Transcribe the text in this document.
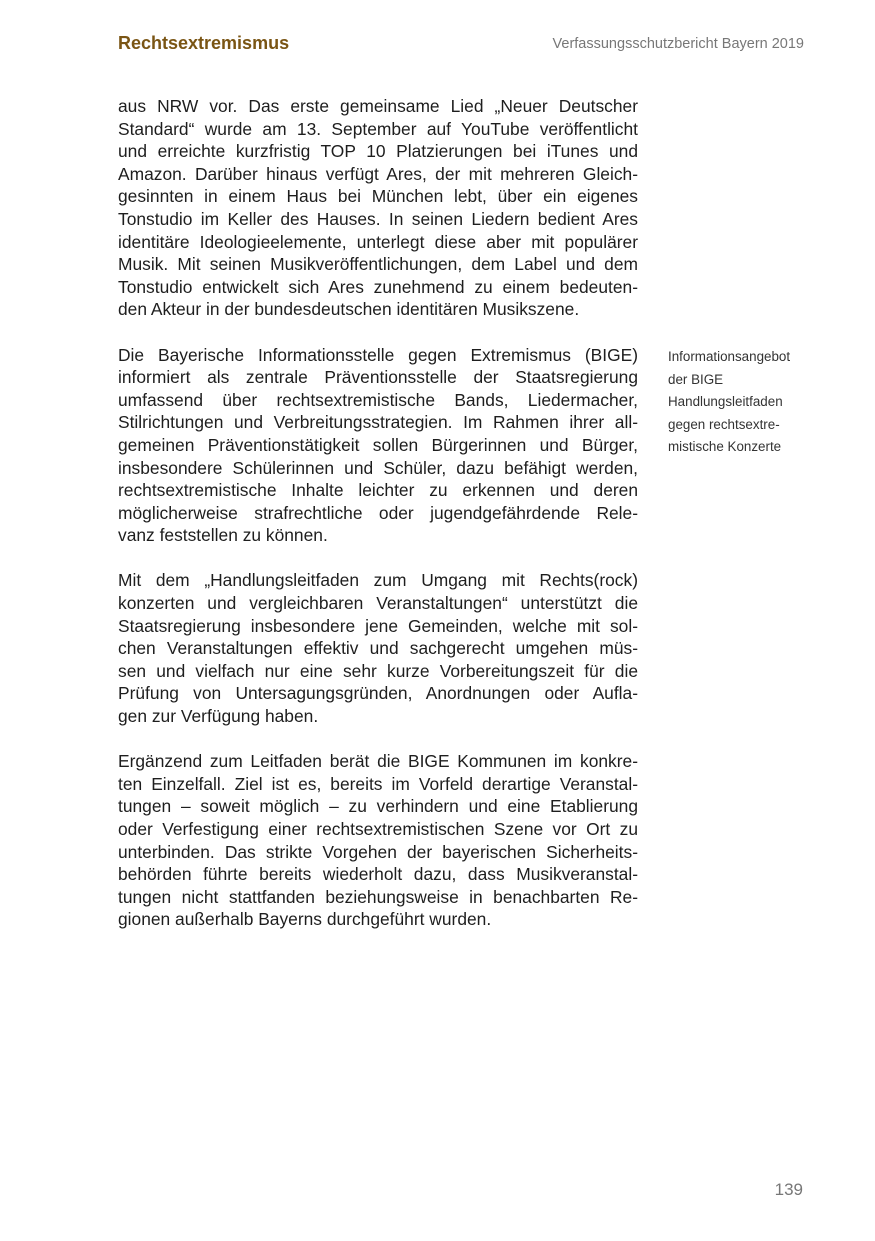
Rechtsextremismus	Verfassungsschutzbericht Bayern 2019

aus NRW vor. Das erste gemeinsame Lied „Neuer Deutscher
Standard“ wurde am 13. September auf YouTube veröffentlicht
und erreichte kurzfristig TOP 10 Platzierungen bei iTunes und
Amazon. Darüber hinaus verfügt Ares, der mit mehreren Gleich-
gesinnten in einem Haus bei München lebt, über ein eigenes
Tonstudio im Keller des Hauses. In seinen Liedern bedient Ares
identitäre Ideologieelemente, unterlegt diese aber mit populärer
Musik. Mit seinen Musikveröffentlichungen, dem Label und dem
Tonstudio entwickelt sich Ares zunehmend zu einem bedeuten-
den Akteur in der bundesdeutschen identitären Musikszene.

Die Bayerische Informationsstelle gegen Extremismus (BIGE)
informiert als zentrale Präventionsstelle der Staatsregierung
umfassend über rechtsextremistische Bands, Liedermacher,
Stilrichtungen und Verbreitungsstrategien. Im Rahmen ihrer all-
gemeinen Präventionstätigkeit sollen Bürgerinnen und Bürger,
insbesondere Schülerinnen und Schüler, dazu befähigt werden,
rechtsextremistische Inhalte leichter zu erkennen und deren
möglicherweise strafrechtliche oder jugendgefährdende Rele-
vanz feststellen zu können.

Mit dem „Handlungsleitfaden zum Umgang mit Rechts(rock)
konzerten und vergleichbaren Veranstaltungen“ unterstützt die
Staatsregierung insbesondere jene Gemeinden, welche mit sol-
chen Veranstaltungen effektiv und sachgerecht umgehen müs-
sen und vielfach nur eine sehr kurze Vorbereitungszeit für die
Prüfung von Untersagungsgründen, Anordnungen oder Aufla-
gen zur Verfügung haben.

Ergänzend zum Leitfaden berät die BIGE Kommunen im konkre-
ten Einzelfall. Ziel ist es, bereits im Vorfeld derartige Veranstal-
tungen – soweit möglich – zu verhindern und eine Etablierung
oder Verfestigung einer rechtsextremistischen Szene vor Ort zu
unterbinden. Das strikte Vorgehen der bayerischen Sicherheits-
behörden führte bereits wiederholt dazu, dass Musikveranstal-
tungen nicht stattfanden beziehungsweise in benachbarten Re-
gionen außerhalb Bayerns durchgeführt wurden.

Informationsangebot
der BIGE
Handlungsleitfaden
gegen rechtsextre-
mistische Konzerte
139
